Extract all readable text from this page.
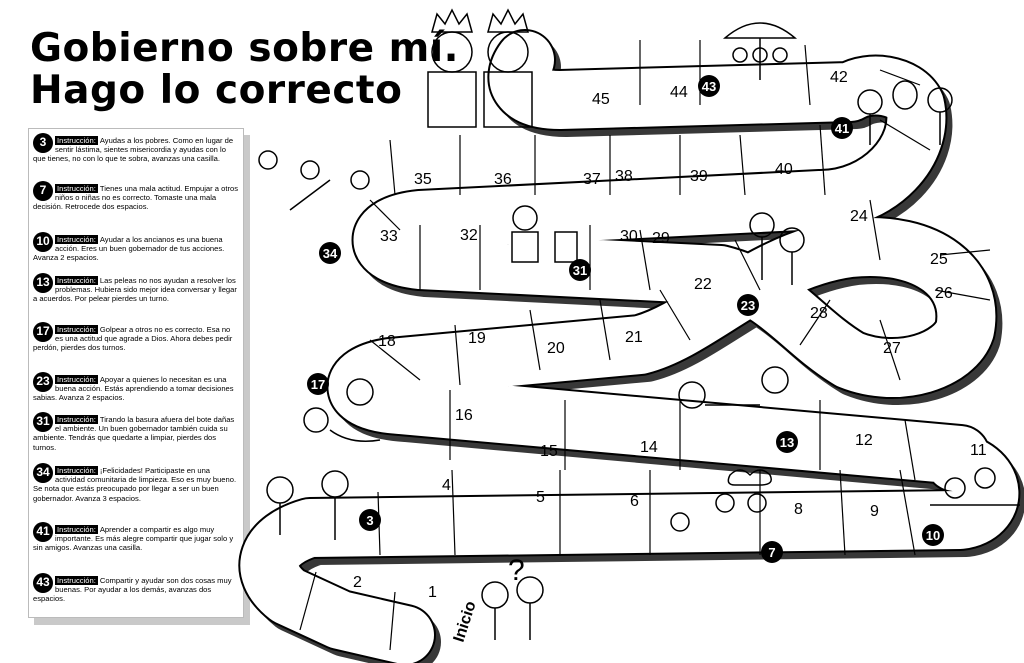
Gobierno sobre mí.
Hago lo correcto
3	Instrucción: Ayudas a los pobres. Como en lugar de sentir lástima, sientes misericordia y ayudas con lo que tienes, no con lo que te sobra, avanzas una casilla.
7	Instrucción: Tienes una mala actitud. Empujar a otros niños o niñas no es correcto. Tomaste una mala decisión. Retrocede dos espacios.
10 Instrucción: Ayudar a los ancianos es una buena acción. Eres un buen gobernador de tus acciones. Avanza 2 espacios.
13 Instrucción: Las peleas no nos ayudan a resolver los problemas. Hubiera sido mejor idea conversar y llegar a acuerdos. Por pelear pierdes un turno.
17 Instrucción: Golpear a otros no es correcto. Esa no es una actitud que agrade a Dios. Ahora debes pedir perdón, pierdes dos turnos.
23 Instrucción: Apoyar a quienes lo necesitan es una buena acción. Estás aprendiendo a tomar decisiones sabias. Avanza 2 espacios.
31 Instrucción: Tirando la basura afuera del bote dañas el ambiente. Un buen gobernador también cuida su ambiente. Tendrás que quedarte a limpiar, pierdes dos turnos.
34 Instrucción: ¡Felicidades! Participaste en una actividad comunitaria de limpieza. Eso es muy bueno. Se nota que estás preocupado por llegar a ser un buen gobernador. Avanza 3 espacios.
41 Instrucción: Aprender a compartir es algo muy importante. Es más alegre compartir que jugar solo y sin amigos. Avanzas una casilla.
43 Instrucción: Compartir y ayudar son dos cosas muy buenas. Por ayudar a los demás, avanzas dos espacios.	1
2
4
5	6	8	9
11
12
14
15
16
18	19
20
21
22
24
25
26
27
28
29
30
32
33
35	36	37 38	39	40
42
44
45
Inicio
3
7
10
13
17
23
31
34
41
43
?
